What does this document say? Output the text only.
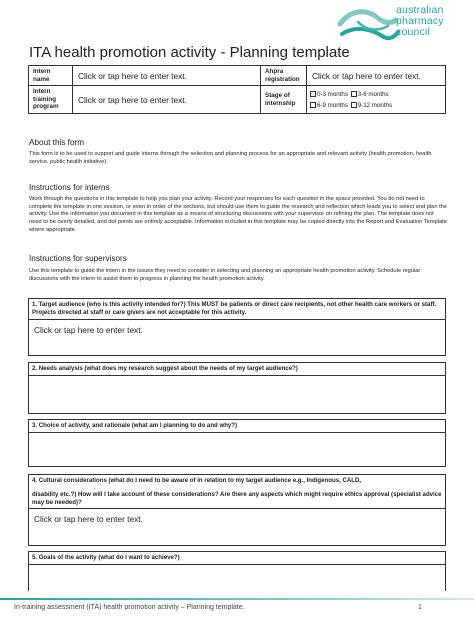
australian
pharmacy
council
ITA health promotion activity - Planning template
Intern name	Click or tap here to enter text.	Ahpra registration	Click or tap here to enter text.
Intern training program	Click or tap here to enter text.	Stage of internship	0-3 months 3-6 months
6-9 months 9-12 months
About this form
This form is to be used to support and guide interns through the selection and planning process for an appropriate and relevant activity (health promotion, health service, public health initiative).
Instructions for interns
Work through the questions in this template to help you plan your activity. Record your responses for each question in the space provided. You do not need to complete the template in one session, or even in order of the sections, but should use them to guide the research and reflection which leads you to select and plan the activity. Use the information you document in this template as a means of structuring discussions with your supervisor on refining the plan. The template does not need to be overly detailed, and dot points are entirely acceptable. Information included in this template may be copied directly into the Report and Evaluation Template where appropriate.
Instructions for supervisors
Use this template to guide the intern in the issues they need to consider in selecting and planning an appropriate health promotion activity. Schedule regular discussions with the intern to assist them to progress in planning the health promotion activity.
1. Target audience (who is this activity intended for?) This MUST be patients or direct care recipients, not other health care workers or staff. Projects directed at staff or care givers are not acceptable for this activity.
Click or tap here to enter text.
2. Needs analysis (what does my research suggest about the needs of my target audience?)
3. Choice of activity, and rationale (what am I planning to do and why?)
4. Cultural considerations (what do I need to be aware of in relation to my target audience e.g., Indigenous, CALD,
disability etc.?) How will I take account of these considerations? Are there any aspects which might require ethics approval (specialist advice may be needed)?
Click or tap here to enter text.
5. Goals of the activity (what do I want to achieve?)
In-training assessment (ITA) health promotion activity – Planning template.	1
